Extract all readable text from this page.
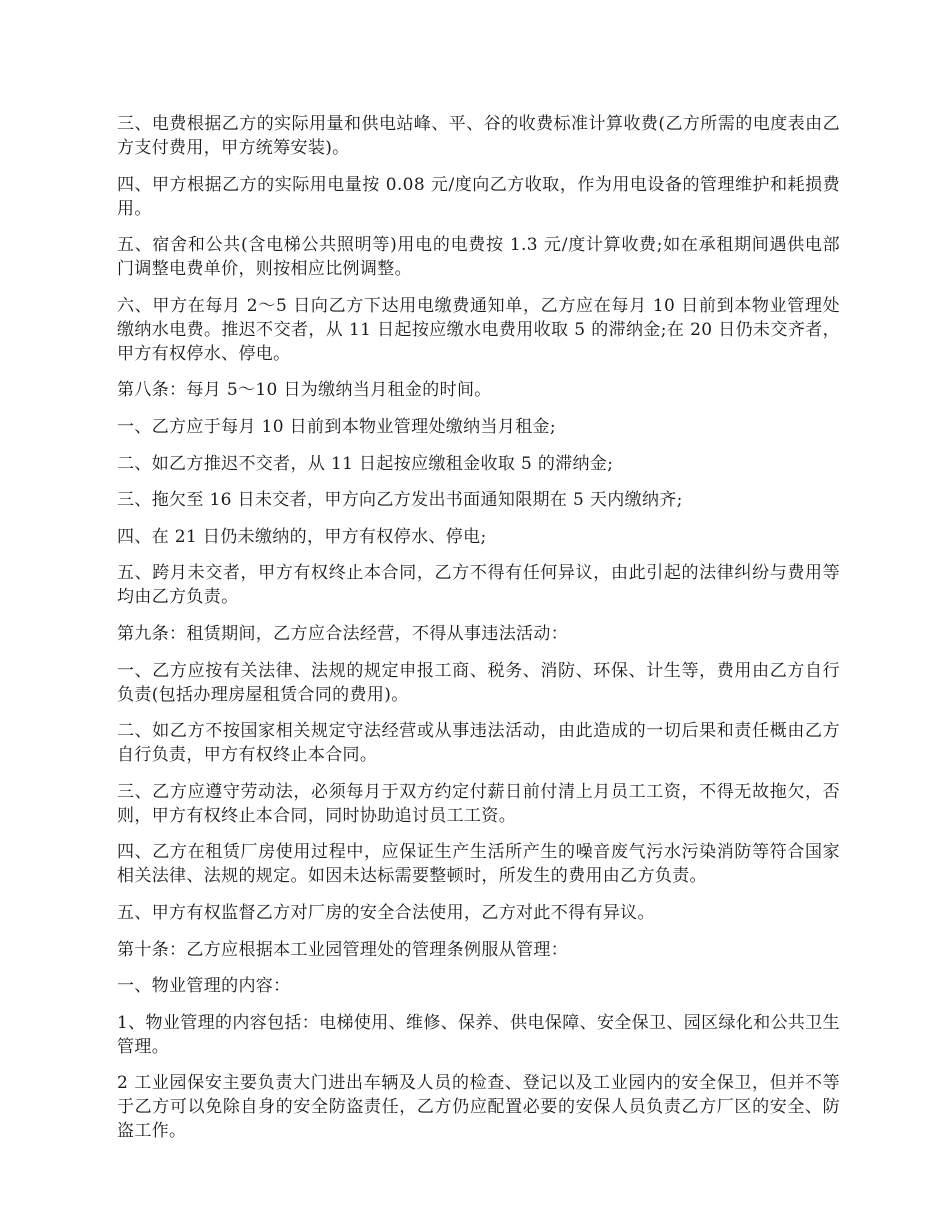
三、电费根据乙方的实际用量和供电站峰、平、谷的收费标准计算收费(乙方所需的电度表由乙方支付费用，甲方统筹安装)。

四、甲方根据乙方的实际用电量按 0.08 元/度向乙方收取，作为用电设备的管理维护和耗损费用。

五、宿舍和公共(含电梯公共照明等)用电的电费按 1.3 元/度计算收费;如在承租期间遇供电部门调整电费单价，则按相应比例调整。

六、甲方在每月 2～5 日向乙方下达用电缴费通知单，乙方应在每月 10 日前到本物业管理处缴纳水电费。推迟不交者，从 11 日起按应缴水电费用收取 5 的滞纳金;在 20 日仍未交齐者，甲方有权停水、停电。

第八条：每月 5～10 日为缴纳当月租金的时间。

一、乙方应于每月 10 日前到本物业管理处缴纳当月租金;

二、如乙方推迟不交者，从 11 日起按应缴租金收取 5 的滞纳金;

三、拖欠至 16 日未交者，甲方向乙方发出书面通知限期在 5 天内缴纳齐;

四、在 21 日仍未缴纳的，甲方有权停水、停电;

五、跨月未交者，甲方有权终止本合同，乙方不得有任何异议，由此引起的法律纠纷与费用等均由乙方负责。

第九条：租赁期间，乙方应合法经营，不得从事违法活动：

一、乙方应按有关法律、法规的规定申报工商、税务、消防、环保、计生等，费用由乙方自行负责(包括办理房屋租赁合同的费用)。

二、如乙方不按国家相关规定守法经营或从事违法活动，由此造成的一切后果和责任概由乙方自行负责，甲方有权终止本合同。

三、乙方应遵守劳动法，必须每月于双方约定付薪日前付清上月员工工资，不得无故拖欠，否则，甲方有权终止本合同，同时协助追讨员工工资。

四、乙方在租赁厂房使用过程中，应保证生产生活所产生的噪音废气污水污染消防等符合国家相关法律、法规的规定。如因未达标需要整顿时，所发生的费用由乙方负责。

五、甲方有权监督乙方对厂房的安全合法使用，乙方对此不得有异议。

第十条：乙方应根据本工业园管理处的管理条例服从管理：

一、物业管理的内容：

1、物业管理的内容包括：电梯使用、维修、保养、供电保障、安全保卫、园区绿化和公共卫生管理。

2 工业园保安主要负责大门进出车辆及人员的检查、登记以及工业园内的安全保卫，但并不等于乙方可以免除自身的安全防盗责任，乙方仍应配置必要的安保人员负责乙方厂区的安全、防盗工作。
